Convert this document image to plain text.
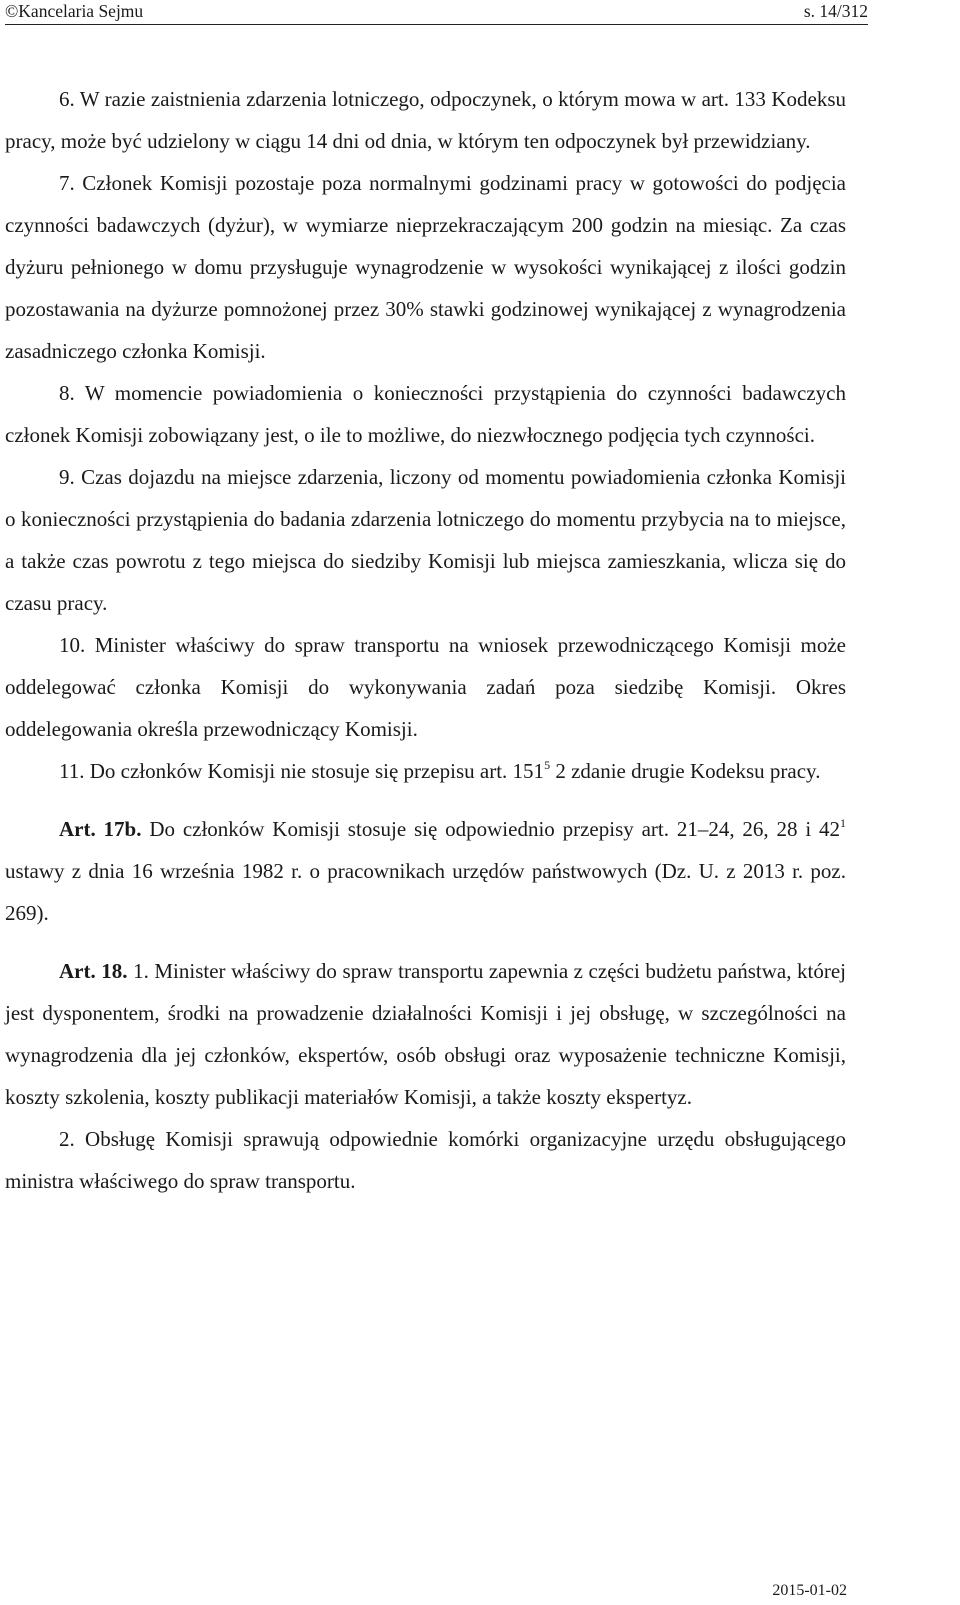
©Kancelaria Sejmu	s. 14/312

6. W razie zaistnienia zdarzenia lotniczego, odpoczynek, o którym mowa w art. 133 Kodeksu pracy, może być udzielony w ciągu 14 dni od dnia, w którym ten odpoczynek był przewidziany.

7. Członek Komisji pozostaje poza normalnymi godzinami pracy w gotowości do podjęcia czynności badawczych (dyżur), w wymiarze nieprzekraczającym 200 godzin na miesiąc. Za czas dyżuru pełnionego w domu przysługuje wynagrodzenie w wysokości wynikającej z ilości godzin pozostawania na dyżurze pomnożonej przez 30% stawki godzinowej wynikającej z wynagrodzenia zasadniczego członka Komisji.

8. W momencie powiadomienia o konieczności przystąpienia do czynności badawczych członek Komisji zobowiązany jest, o ile to możliwe, do niezwłocznego podjęcia tych czynności.

9. Czas dojazdu na miejsce zdarzenia, liczony od momentu powiadomienia członka Komisji o konieczności przystąpienia do badania zdarzenia lotniczego do momentu przybycia na to miejsce, a także czas powrotu z tego miejsca do siedziby Komisji lub miejsca zamieszkania, wlicza się do czasu pracy.

10. Minister właściwy do spraw transportu na wniosek przewodniczącego Komisji może oddelegować członka Komisji do wykonywania zadań poza siedzibę Komisji. Okres oddelegowania określa przewodniczący Komisji.

11. Do członków Komisji nie stosuje się przepisu art. $151^5$ 2 zdanie drugie Kodeksu pracy.

Art. 17b. Do członków Komisji stosuje się odpowiednio przepisy art. 21–24, 26, 28 i $42^1$ ustawy z dnia 16 września 1982 r. o pracownikach urzędów państwowych (Dz. U. z 2013 r. poz. 269).

Art. 18. 1. Minister właściwy do spraw transportu zapewnia z części budżetu państwa, której jest dysponentem, środki na prowadzenie działalności Komisji i jej obsługę, w szczególności na wynagrodzenia dla jej członków, ekspertów, osób obsługi oraz wyposażenie techniczne Komisji, koszty szkolenia, koszty publikacji materiałów Komisji, a także koszty ekspertyz.

2. Obsługę Komisji sprawują odpowiednie komórki organizacyjne urzędu obsługującego ministra właściwego do spraw transportu.

2015-01-02
